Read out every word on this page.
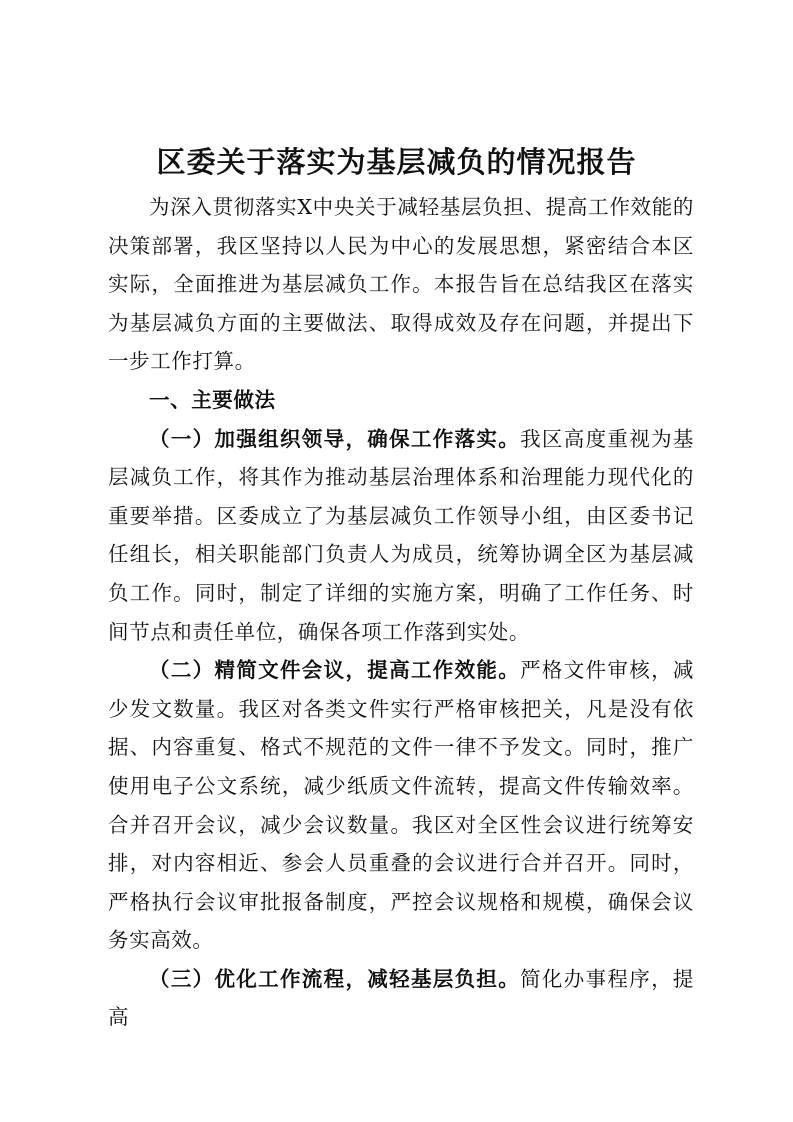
区委关于落实为基层减负的情况报告

为深入贯彻落实X中央关于减轻基层负担、提高工作效能的决策部署，我区坚持以人民为中心的发展思想，紧密结合本区实际，全面推进为基层减负工作。本报告旨在总结我区在落实为基层减负方面的主要做法、取得成效及存在问题，并提出下一步工作打算。

一、主要做法

（一）加强组织领导，确保工作落实。我区高度重视为基层减负工作，将其作为推动基层治理体系和治理能力现代化的重要举措。区委成立了为基层减负工作领导小组，由区委书记任组长，相关职能部门负责人为成员，统筹协调全区为基层减负工作。同时，制定了详细的实施方案，明确了工作任务、时间节点和责任单位，确保各项工作落到实处。

（二）精简文件会议，提高工作效能。严格文件审核，减少发文数量。我区对各类文件实行严格审核把关，凡是没有依据、内容重复、格式不规范的文件一律不予发文。同时，推广使用电子公文系统，减少纸质文件流转，提高文件传输效率。合并召开会议，减少会议数量。我区对全区性会议进行统筹安排，对内容相近、参会人员重叠的会议进行合并召开。同时，严格执行会议审批报备制度，严控会议规格和规模，确保会议务实高效。

（三）优化工作流程，减轻基层负担。简化办事程序，提高
